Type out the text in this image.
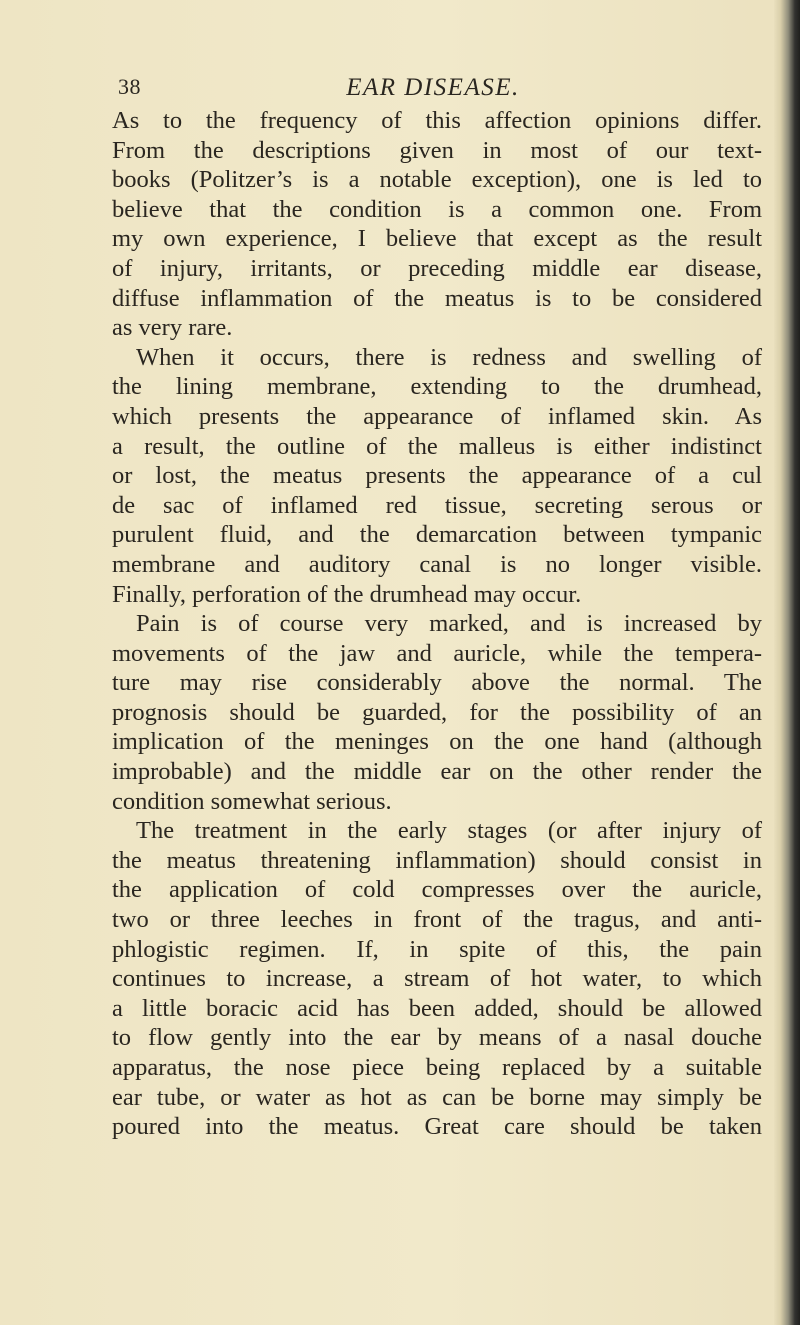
38	EAR DISEASE.
As to the frequency of this affection opinions differ.
From the descriptions given in most of our text-
books (Politzer’s is a notable exception), one is led to
believe that the condition is a common one. From
my own experience, I believe that except as the result
of injury, irritants, or preceding middle ear disease,
diffuse inflammation of the meatus is to be considered
as very rare.
When it occurs, there is redness and swelling of
the lining membrane, extending to the drumhead,
which presents the appearance of inflamed skin. As
a result, the outline of the malleus is either indistinct
or lost, the meatus presents the appearance of a cul
de sac of inflamed red tissue, secreting serous or
purulent fluid, and the demarcation between tympanic
membrane and auditory canal is no longer visible.
Finally, perforation of the drumhead may occur.
Pain is of course very marked, and is increased by
movements of the jaw and auricle, while the tempera-
ture may rise considerably above the normal. The
prognosis should be guarded, for the possibility of an
implication of the meninges on the one hand (although
improbable) and the middle ear on the other render the
condition somewhat serious.
The treatment in the early stages (or after injury of
the meatus threatening inflammation) should consist in
the application of cold compresses over the auricle,
two or three leeches in front of the tragus, and anti-
phlogistic regimen. If, in spite of this, the pain
continues to increase, a stream of hot water, to which
a little boracic acid has been added, should be allowed
to flow gently into the ear by means of a nasal douche
apparatus, the nose piece being replaced by a suitable
ear tube, or water as hot as can be borne may simply be
poured into the meatus. Great care should be taken
